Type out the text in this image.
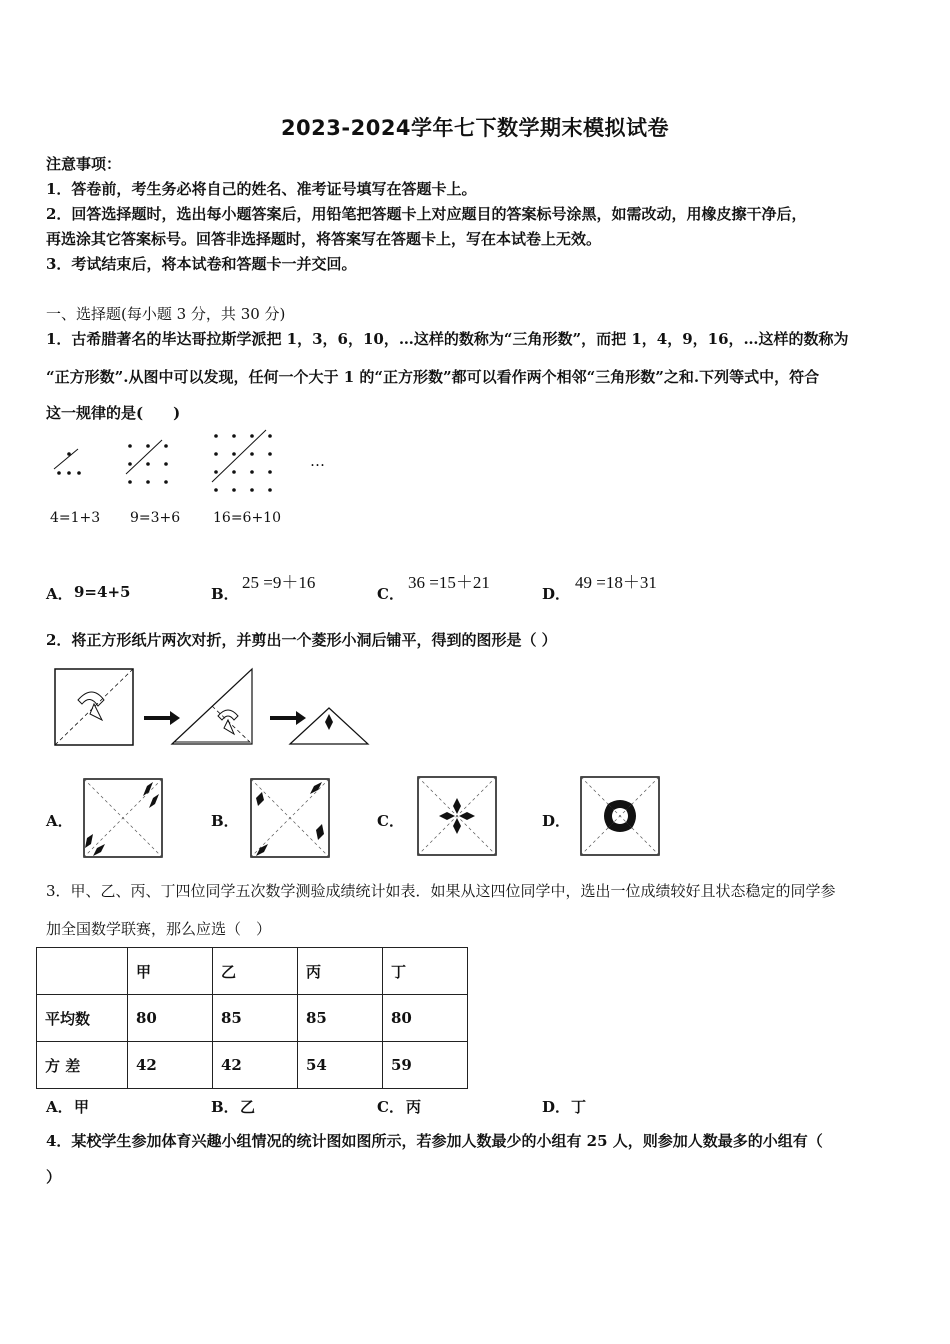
2023-2024学年七下数学期末模拟试卷
注意事项：
1．答卷前，考生务必将自己的姓名、准考证号填写在答题卡上。
2．回答选择题时，选出每小题答案后，用铅笔把答题卡上对应题目的答案标号涂黑，如需改动，用橡皮擦干净后，
再选涂其它答案标号。回答非选择题时，将答案写在答题卡上，写在本试卷上无效。
3．考试结束后，将本试卷和答题卡一并交回。
一、选择题(每小题 3 分，共 30 分)
1．古希腊著名的毕达哥拉斯学派把 1，3，6，10，…这样的数称为“三角形数”，而把 1，4，9，16，…这样的数称为
“正方形数”.从图中可以发现，任何一个大于 1 的“正方形数”都可以看作两个相邻“三角形数”之和.下列等式中，符合
这一规律的是(　　)
…
4=1+3 9=3+6 16=6+10
A． 9=4+5	B．
25 =9＋16
C．
36 =15＋21
D．
49 =18＋31
2．将正方形纸片两次对折，并剪出一个菱形小洞后铺平，得到的图形是（ ）
A．	B．	C．	D．
3．甲、乙、丙、丁四位同学五次数学测验成绩统计如表．如果从这四位同学中，选出一位成绩较好且状态稳定的同学参
加全国数学联赛，那么应选（　）
	甲	乙	丙	丁
平均数	80	85	85	80
方 差	42	42	54	59
A． 甲	B． 乙	C． 丙	D． 丁
4．某校学生参加体育兴趣小组情况的统计图如图所示，若参加人数最少的小组有 25 人，则参加人数最多的小组有（
）
